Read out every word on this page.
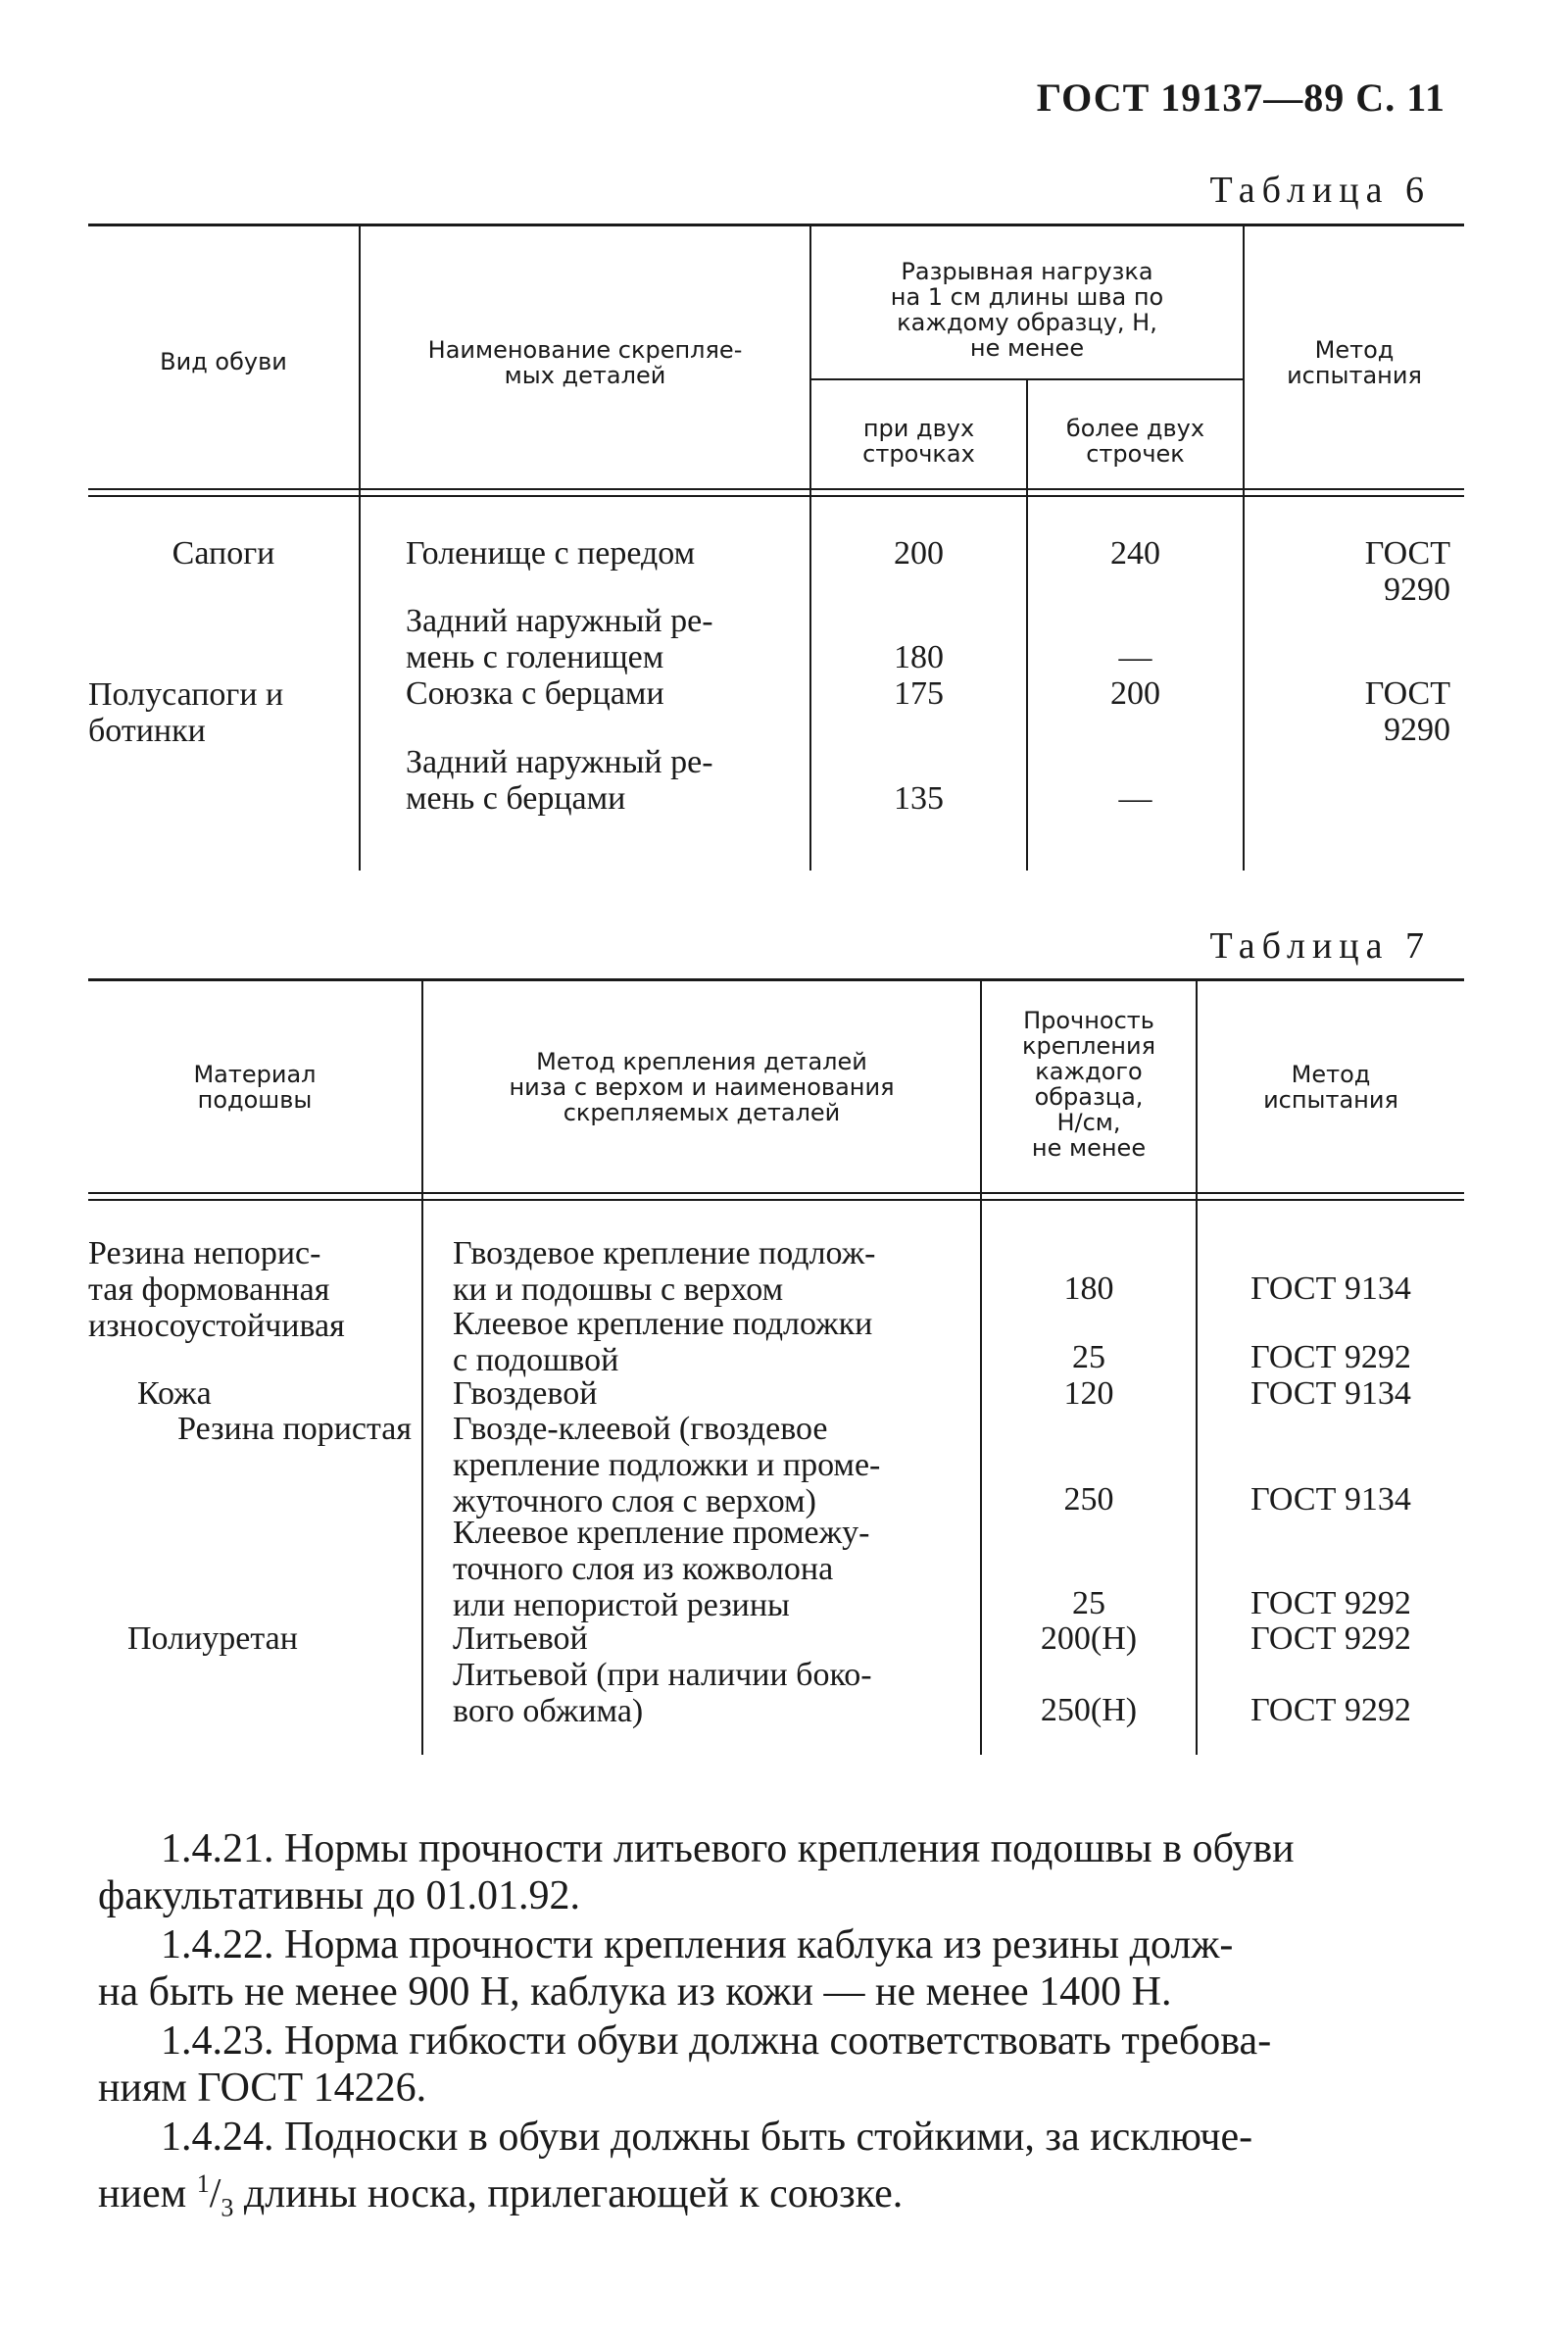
ГОСТ 19137—89 С. 11
Таблица 6
Вид обуви	Наименование скрепляе-
мых деталей
Разрывная нагрузка
на 1 см длины шва по
каждому образцу, Н,
не менее
при двух
строчках
более двух
строчек
Метод
испытания
Сапоги
Полусапоги и
ботинки
Голенище с передом
Задний наружный ре-
мень с голенищем
Союзка с берцами
Задний наружный ре-
мень с берцами
200
180
175
135
240
—
200
—
ГОСТ
9290
ГОСТ
9290
Таблица 7
Материал
подошвы
Метод крепления деталей
низа с верхом и наименования
скрепляемых деталей
Прочность
крепления
каждого
образца,
Н/см,
не менее
Метод
испытания
Резина непорис-
тая формованная
износоустойчивая
Кожа
Резина пористая
Полиуретан
Гвоздевое крепление подлож-
ки и подошвы с верхом
Клеевое крепление подложки
с подошвой
Гвоздевой
Гвозде-клеевой (гвоздевое
крепление подложки и проме-
жуточного слоя с верхом)
Клеевое крепление промежу-
точного слоя из кожволона
или непористой резины
Литьевой
Литьевой (при наличии боко-
вого обжима)
180
25
120
250
25
200(Н)
250(Н)
ГОСТ 9134
ГОСТ 9292
ГОСТ 9134
ГОСТ 9134
ГОСТ 9292
ГОСТ 9292
ГОСТ 9292
1.4.21. Нормы прочности литьевого крепления подошвы в обуви
факультативны до 01.01.92.
1.4.22. Норма прочности крепления каблука из резины долж-
на быть не менее 900 Н, каблука из кожи — не менее 1400 Н.
1.4.23. Норма гибкости обуви должна соответствовать требова-
ниям ГОСТ 14226.
1.4.24. Подноски в обуви должны быть стойкими, за исключе-
нием $^1/_3$ длины носка, прилегающей к союзке.
